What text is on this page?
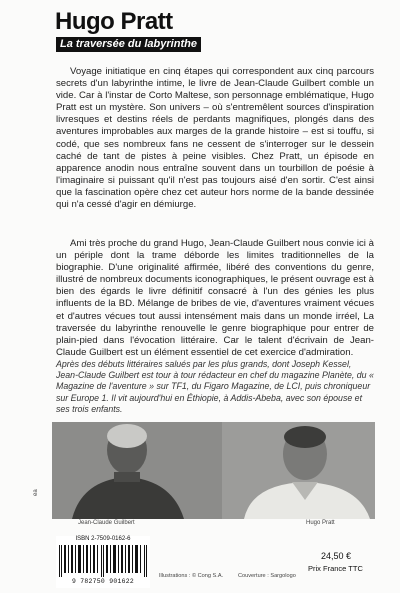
Hugo Pratt
La traversée du labyrinthe

Voyage initiatique en cinq étapes qui correspondent aux cinq parcours secrets d'un labyrinthe intime, le livre de Jean-Claude Guilbert comble un vide. Car à l'instar de Corto Maltese, son personnage emblématique, Hugo Pratt est un mystère. Son univers – où s'entremêlent sources d'inspiration livresques et destins réels de perdants magnifiques, plongés dans des aventures improbables aux marges de la grande histoire – est si touffu, si codé, que ses nombreux fans ne cessent de s'interroger sur le dessein caché de tant de pistes à peine visibles. Chez Pratt, un épisode en apparence anodin nous entraîne souvent dans un tourbillon de poésie à l'imaginaire si puissant qu'il n'est pas toujours aisé d'en sortir. C'est ainsi que la fascination opère chez cet auteur hors norme de la bande dessinée qui n'a cessé d'agir en démiurge.

Ami très proche du grand Hugo, Jean-Claude Guilbert nous convie ici à un périple dont la trame déborde les limites traditionnelles de la biographie. D'une originalité affirmée, libéré des conventions du genre, illustré de nombreux documents iconographiques, le présent ouvrage est à bien des égards le livre définitif consacré à l'un des génies les plus influents de la BD. Mélange de bribes de vie, d'aventures vraiment vécues et d'autres vécues tout aussi intensément mais dans un monde irréel, La traversée du labyrinthe renouvelle le genre biographique pour entrer de plain-pied dans l'évocation littéraire. Car le talent d'écrivain de Jean-Claude Guilbert est un élément essentiel de cet exercice d'admiration.

Après des débuts littéraires salués par les plus grands, dont Joseph Kessel, Jean-Claude Guilbert est tour à tour rédacteur en chef du magazine Planète, du « Magazine de l'aventure » sur TF1, du Figaro Magazine, de LCI, puis chroniqueur sur Europe 1. Il vit aujourd'hui en Éthiopie, à Addis-Abeba, avec son épouse et ses trois enfants.

Jean-Claude Guilbert	Hugo Pratt
ea
ISBN 2-7509-0162-6
9 782750 901622
Illustrations : © Cong S.A.	Couverture : Sargologo
24,50 €
Prix France TTC
